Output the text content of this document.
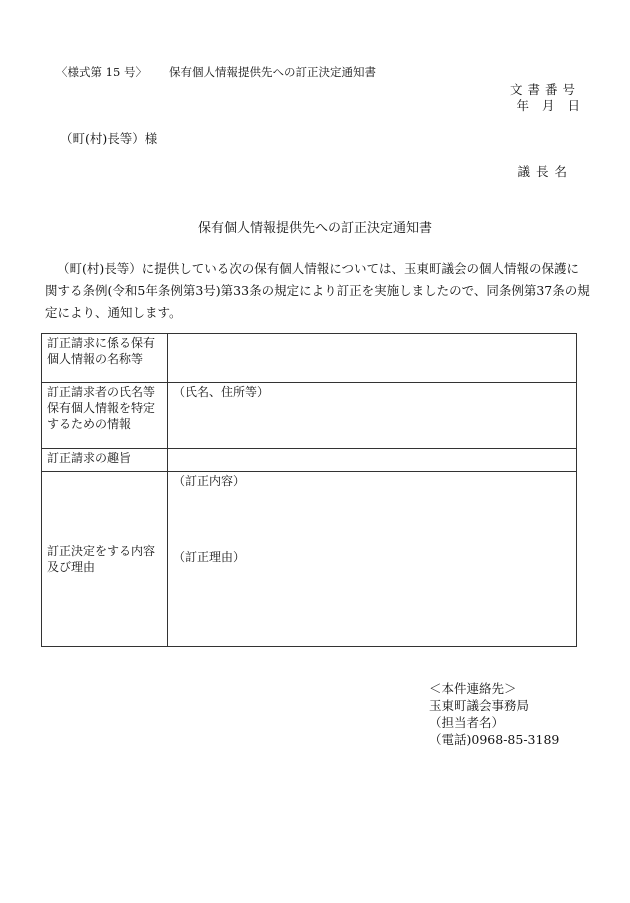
〈様式第 15 号〉 保有個人情報提供先への訂正決定通知書
文書番号
年 月 日
（町(村)長等）様
議長名
保有個人情報提供先への訂正決定通知書
（町(村)長等）に提供している次の保有個人情報については、玉東町議会の個人情報の保護に関する条例(令和5年条例第3号)第33条の規定により訂正を実施しましたので、同条例第37条の規定により、通知します。
訂正請求に係る保有個人情報の名称等	
訂正請求者の氏名等保有個人情報を特定するための情報	（氏名、住所等）
訂正請求の趣旨	
訂正決定をする内容及び理由	（訂正内容）
（訂正理由）
＜本件連絡先＞
玉東町議会事務局
（担当者名）
（電話)0968-85-3189
